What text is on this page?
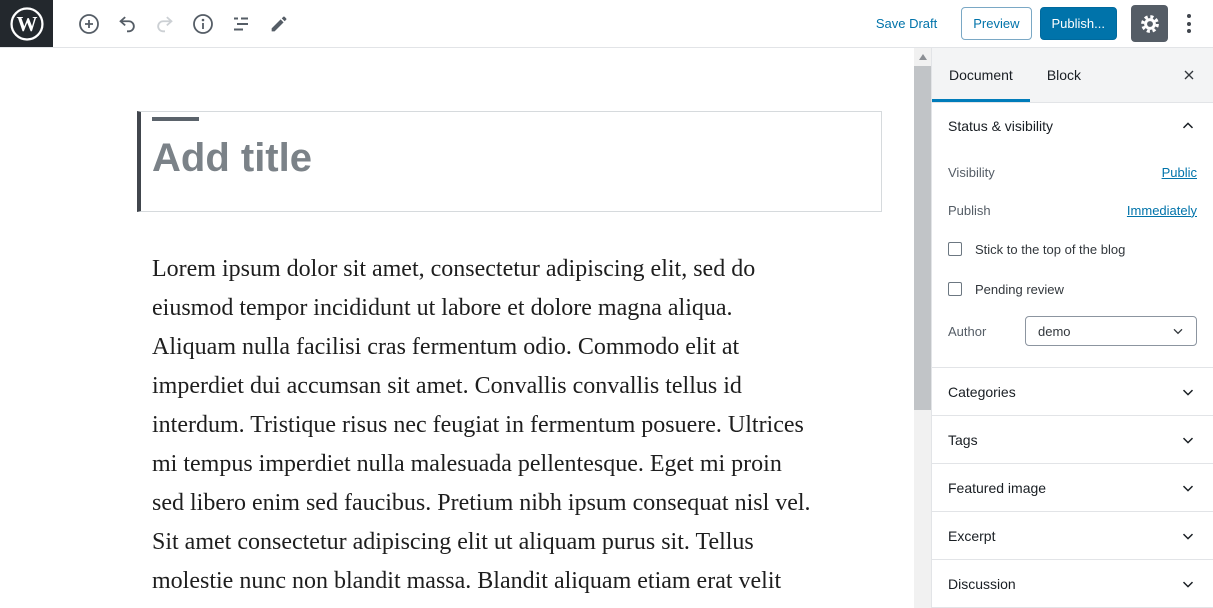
W	Save Draft	Preview	Publish...
Add title
Lorem ipsum dolor sit amet, consectetur adipiscing elit, sed do
eiusmod tempor incididunt ut labore et dolore magna aliqua.
Aliquam nulla facilisi cras fermentum odio. Commodo elit at
imperdiet dui accumsan sit amet. Convallis convallis tellus id
interdum. Tristique risus nec feugiat in fermentum posuere. Ultrices
mi tempus imperdiet nulla malesuada pellentesque. Eget mi proin
sed libero enim sed faucibus. Pretium nibh ipsum consequat nisl vel.
Sit amet consectetur adipiscing elit ut aliquam purus sit. Tellus
molestie nunc non blandit massa. Blandit aliquam etiam erat velit
Document	Block
Status & visibility
Visibility	Public
Publish	Immediately
Stick to the top of the blog
Pending review
Author	demo
Categories
Tags
Featured image
Excerpt
Discussion
